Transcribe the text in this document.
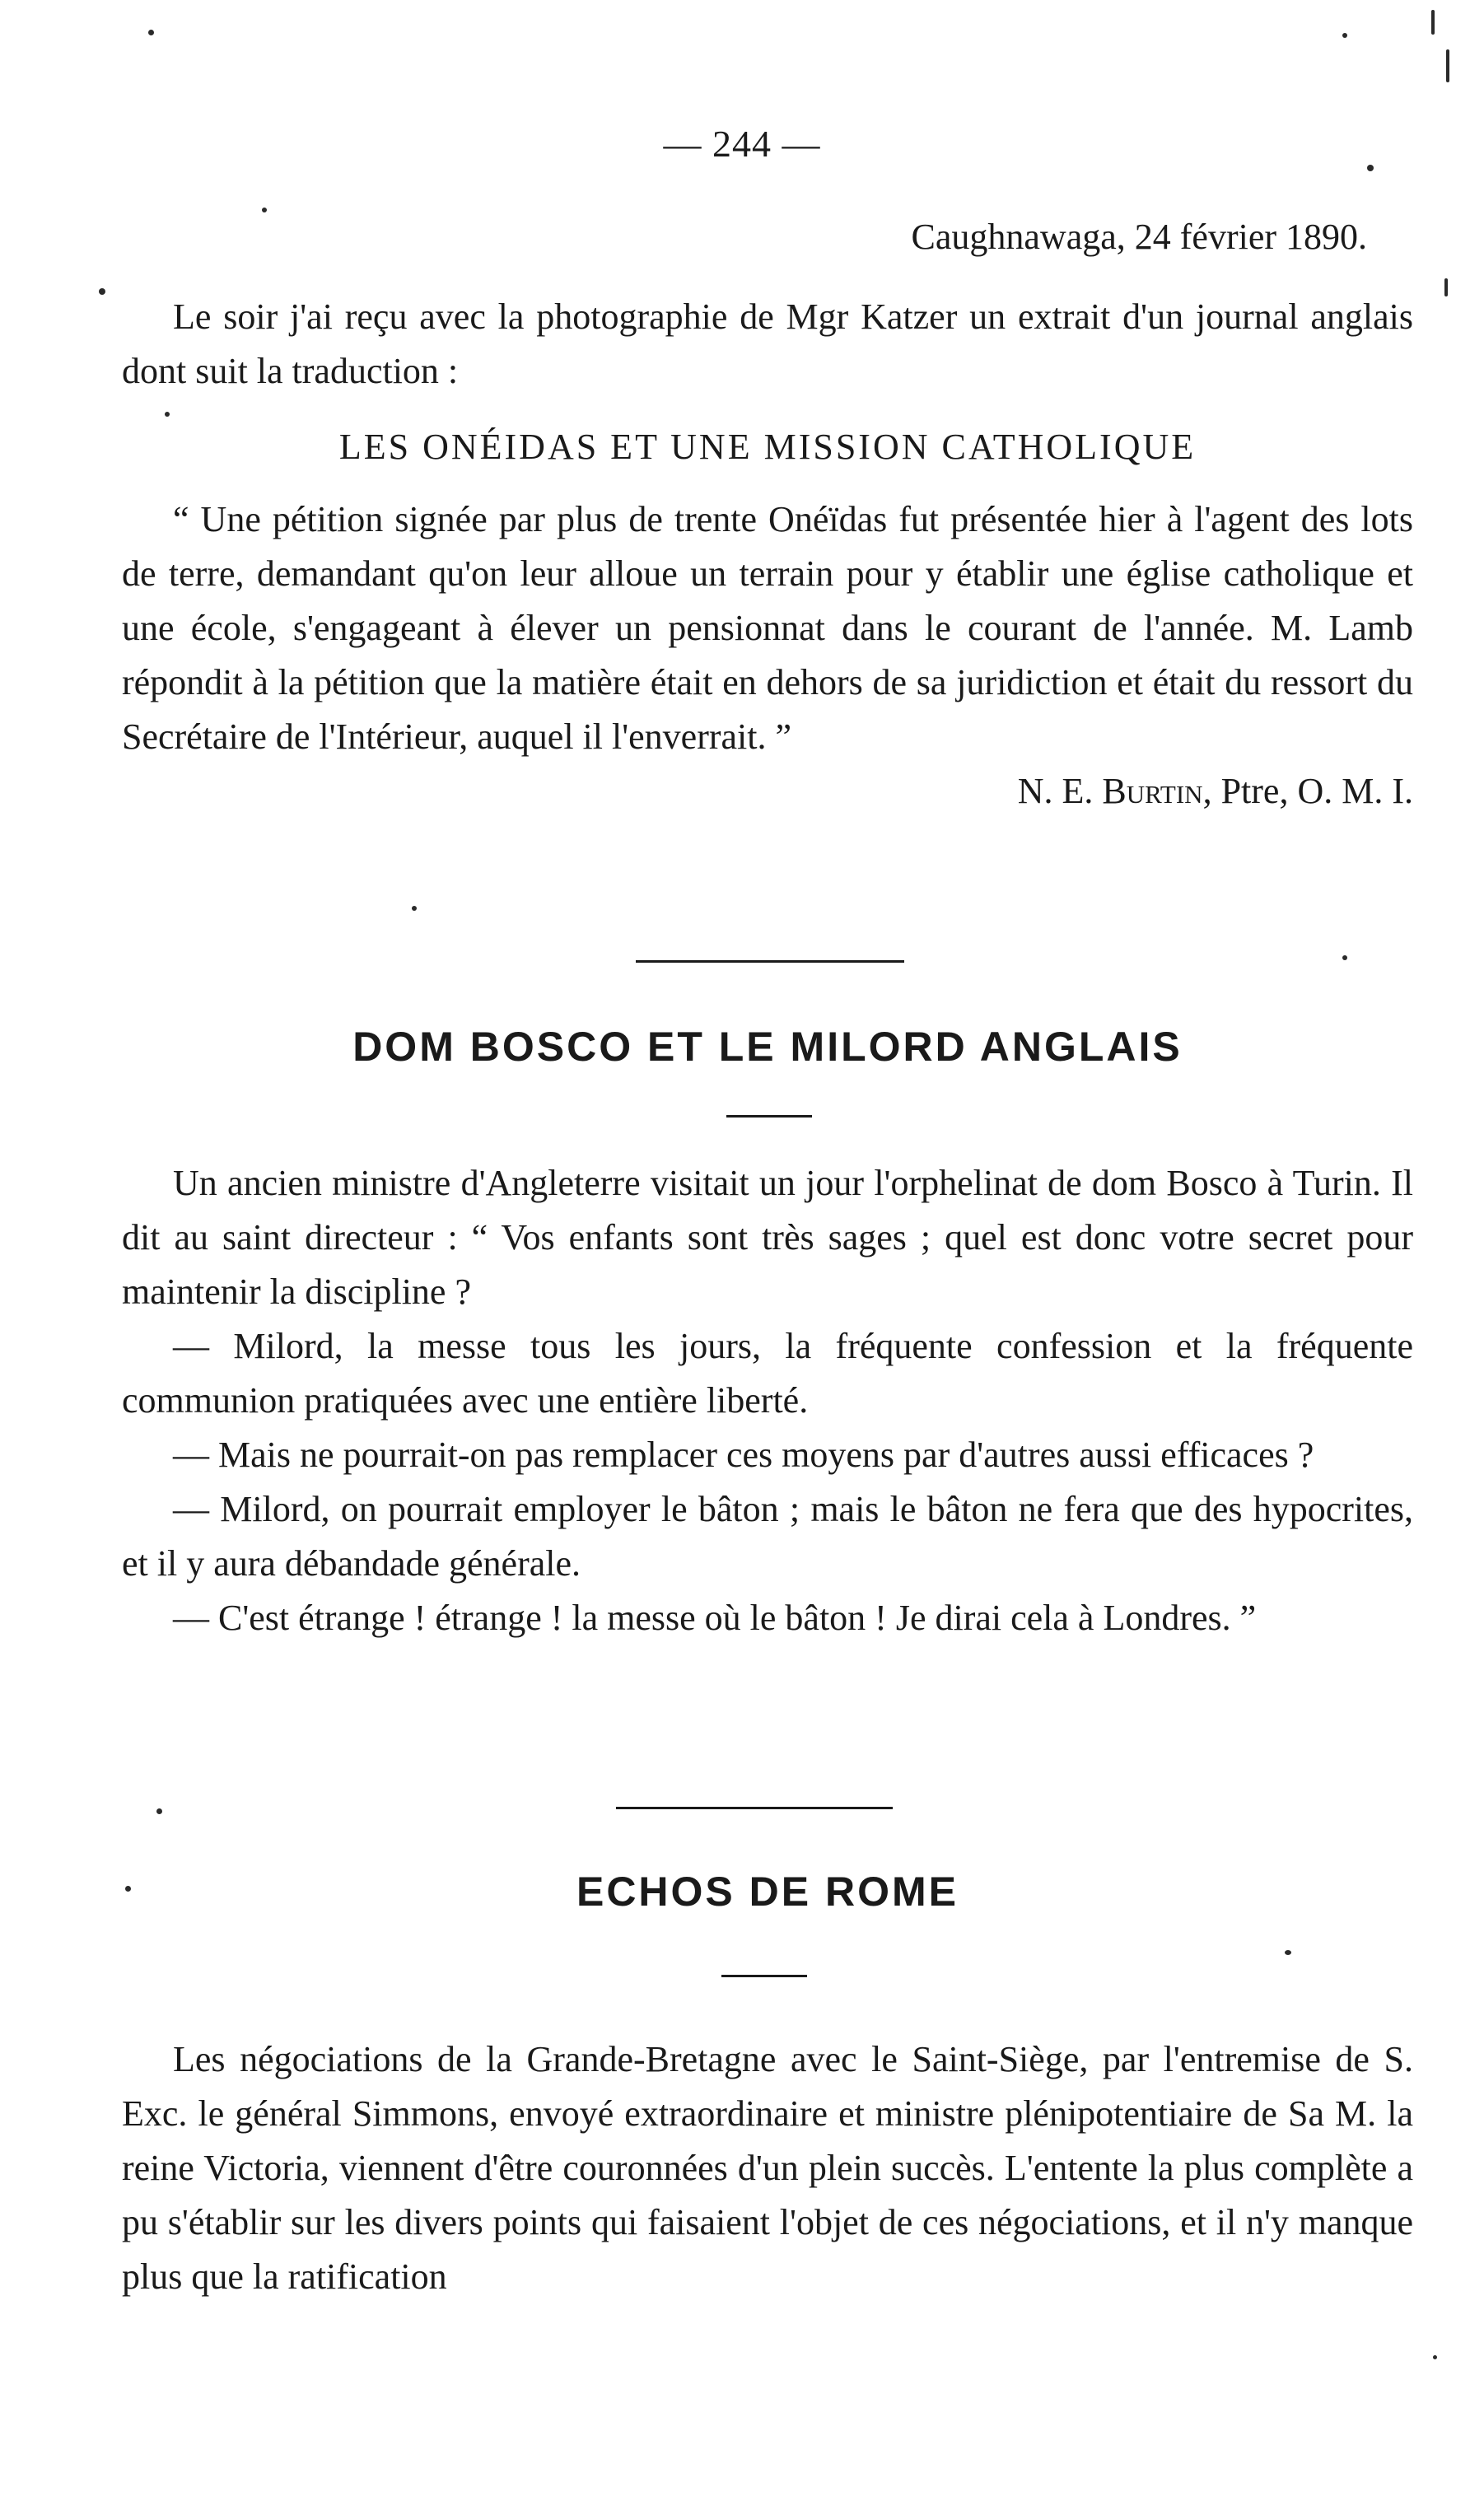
— 244 —
Caughnawaga, 24 février 1890.

Le soir j'ai reçu avec la photographie de Mgr Katzer un extrait d'un journal anglais dont suit la traduction :

LES ONÉIDAS ET UNE MISSION CATHOLIQUE

“ Une pétition signée par plus de trente Onéïdas fut présentée hier à l'agent des lots de terre, demandant qu'on leur alloue un terrain pour y établir une église catholique et une école, s'engageant à élever un pensionnat dans le courant de l'année. M. Lamb répondit à la pétition que la matière était en dehors de sa juridiction et était du ressort du Secrétaire de l'Intérieur, auquel il l'enverrait. ”

N. E. Burtin, Ptre, O. M. I.

DOM BOSCO ET LE MILORD ANGLAIS

Un ancien ministre d'Angleterre visitait un jour l'orphelinat de dom Bosco à Turin. Il dit au saint directeur : “ Vos enfants sont très sages ; quel est donc votre secret pour maintenir la discipline ?

— Milord, la messe tous les jours, la fréquente confession et la fréquente communion pratiquées avec une entière liberté.

— Mais ne pourrait-on pas remplacer ces moyens par d'autres aussi efficaces ?

— Milord, on pourrait employer le bâton ; mais le bâton ne fera que des hypocrites, et il y aura débandade générale.

— C'est étrange ! étrange ! la messe où le bâton ! Je dirai cela à Londres. ”

ECHOS DE ROME

Les négociations de la Grande-Bretagne avec le Saint-Siège, par l'entremise de S. Exc. le général Simmons, envoyé extraordinaire et ministre plénipotentiaire de Sa M. la reine Victoria, viennent d'être couronnées d'un plein succès. L'entente la plus complète a pu s'établir sur les divers points qui faisaient l'objet de ces négociations, et il n'y manque plus que la ratification
